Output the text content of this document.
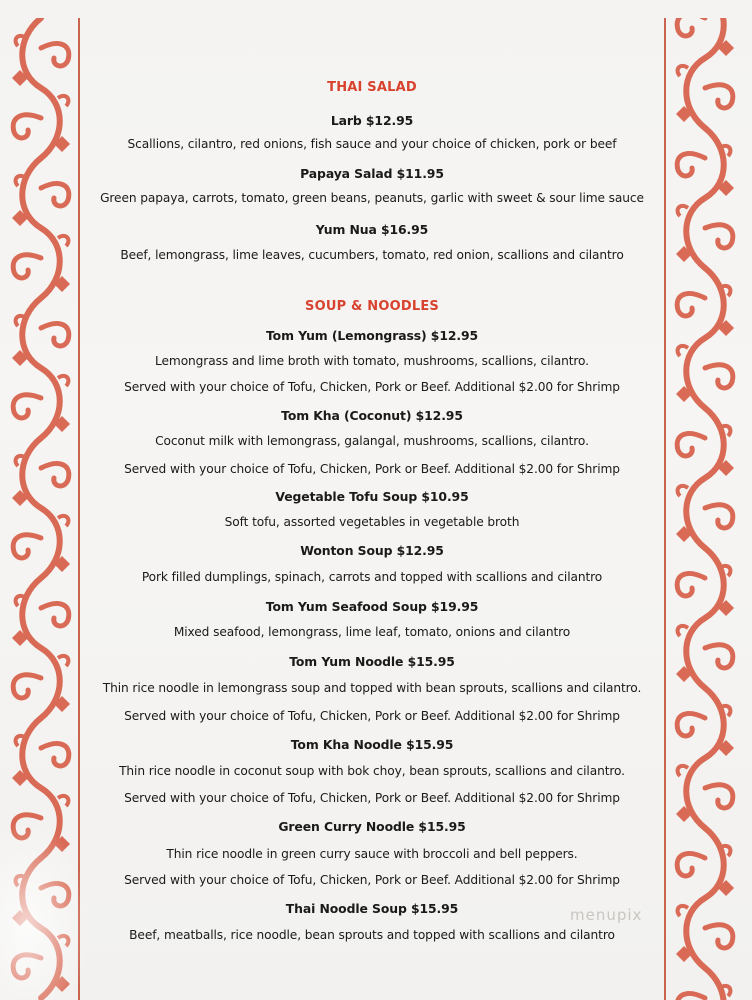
THAI SALAD
Larb $12.95
Scallions, cilantro, red onions, fish sauce and your choice of chicken, pork or beef
Papaya Salad $11.95
Green papaya, carrots, tomato, green beans, peanuts, garlic with sweet & sour lime sauce
Yum Nua $16.95
Beef, lemongrass, lime leaves, cucumbers, tomato, red onion, scallions and cilantro
SOUP & NOODLES
Tom Yum (Lemongrass) $12.95
Lemongrass and lime broth with tomato, mushrooms, scallions, cilantro.
Served with your choice of Tofu, Chicken, Pork or Beef. Additional $2.00 for Shrimp
Tom Kha (Coconut) $12.95
Coconut milk with lemongrass, galangal, mushrooms, scallions, cilantro.
Served with your choice of Tofu, Chicken, Pork or Beef. Additional $2.00 for Shrimp
Vegetable Tofu Soup $10.95
Soft tofu, assorted vegetables in vegetable broth
Wonton Soup $12.95
Pork filled dumplings, spinach, carrots and topped with scallions and cilantro
Tom Yum Seafood Soup $19.95
Mixed seafood, lemongrass, lime leaf, tomato, onions and cilantro
Tom Yum Noodle $15.95
Thin rice noodle in lemongrass soup and topped with bean sprouts, scallions and cilantro.
Served with your choice of Tofu, Chicken, Pork or Beef. Additional $2.00 for Shrimp
Tom Kha Noodle $15.95
Thin rice noodle in coconut soup with bok choy, bean sprouts, scallions and cilantro.
Served with your choice of Tofu, Chicken, Pork or Beef. Additional $2.00 for Shrimp
Green Curry Noodle $15.95
Thin rice noodle in green curry sauce with broccoli and bell peppers.
Served with your choice of Tofu, Chicken, Pork or Beef. Additional $2.00 for Shrimp
Thai Noodle Soup $15.95
Beef, meatballs, rice noodle, bean sprouts and topped with scallions and cilantro
menupix
